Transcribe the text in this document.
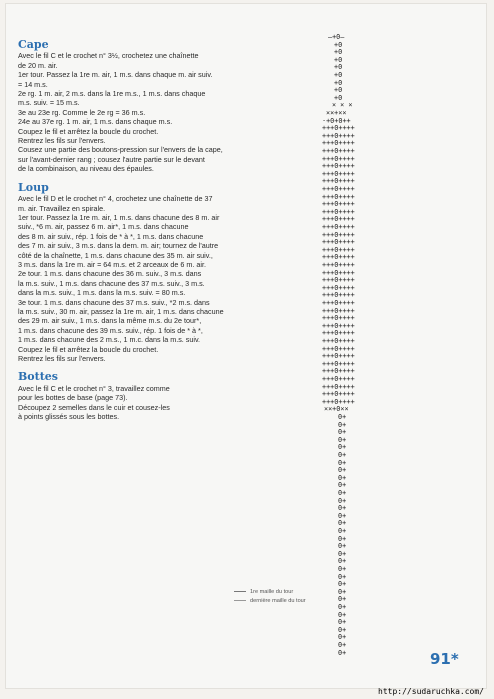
Cape
Avec le fil C et le crochet n° 3½, crochetez une chaînette
de 20 m. air.
1er tour. Passez la 1re m. air, 1 m.s. dans chaque m. air suiv.
= 14 m.s.
2e rg. 1 m. air, 2 m.s. dans la 1re m.s., 1 m.s. dans chaque
m.s. suiv. = 15 m.s.
3e au 23e rg. Comme le 2e rg = 36 m.s.
24e au 37e rg. 1 m. air, 1 m.s. dans chaque m.s.
Coupez le fil et arrêtez la boucle du crochet.
Rentrez les fils sur l'envers.
Cousez une partie des boutons-pression sur l'envers de la cape,
sur l'avant-dernier rang ; cousez l'autre partie sur le devant
de la combinaison, au niveau des épaules.
Loup
Avec le fil D et le crochet n° 4, crochetez une chaînette de 37
m. air. Travaillez en spirale.
1er tour. Passez la 1re m. air, 1 m.s. dans chacune des 8 m. air
suiv., *6 m. air, passez 6 m. air*, 1 m.s. dans chacune
des 8 m. air suiv., rép. 1 fois de * à *, 1 m.s. dans chacune
des 7 m. air suiv., 3 m.s. dans la dern. m. air; tournez de l'autre
côté de la chaînette, 1 m.s. dans chacune des 35 m. air suiv.,
3 m.s. dans la 1re m. air = 64 m.s. et 2 arceaux de 6 m. air.
2e tour. 1 m.s. dans chacune des 36 m. suiv., 3 m.s. dans
la m.s. suiv., 1 m.s. dans chacune des 37 m.s. suiv., 3 m.s.
dans la m.s. suiv., 1 m.s. dans la m.s. suiv. = 80 m.s.
3e tour. 1 m.s. dans chacune des 37 m.s. suiv., *2 m.s. dans
la m.s. suiv., 30 m. air, passez la 1re m. air, 1 m.s. dans chacune
des 29 m. air suiv., 1 m.s. dans la même m.s. du 2e tour*,
1 m.s. dans chacune des 39 m.s. suiv., rép. 1 fois de * à *,
1 m.s. dans chacune des 2 m.s., 1 m.c. dans la m.s. suiv.
Coupez le fil et arrêtez la boucle du crochet.
Rentrez les fils sur l'envers.
Bottes
Avec le fil C et le crochet n° 3, travaillez comme
pour les bottes de base (page 73).
Découpez 2 semelles dans le cuir et cousez-les
à points glissés sous les bottes.
—+0—
+0
+0
+0
+0
+0
+0
+0
+0
× × ×
××+××
·+0+0++
+++0++++
+++0++++
+++0++++
+++0++++
+++0++++
+++0++++
+++0++++
+++0++++
+++0++++
+++0++++
+++0++++
+++0++++
+++0++++
+++0++++
+++0++++
+++0++++
+++0++++
+++0++++
+++0++++
+++0++++
+++0++++
+++0++++
+++0++++
+++0++++
+++0++++
+++0++++
+++0++++
+++0++++
+++0++++
+++0++++
+++0++++
+++0++++
+++0++++
+++0++++
+++0++++
+++0++++
+++0++++
××+0××
0+
0+
0+
0+
0+
0+
0+
0+
0+
0+
0+
0+
0+
0+
0+
0+
0+
0+
0+
0+
0+
0+
0+
0+
0+
0+
0+
0+
0+
0+
0+
0+
1re maille du tour
dernière maille du tour
91*
http://sudaruchka.com/
